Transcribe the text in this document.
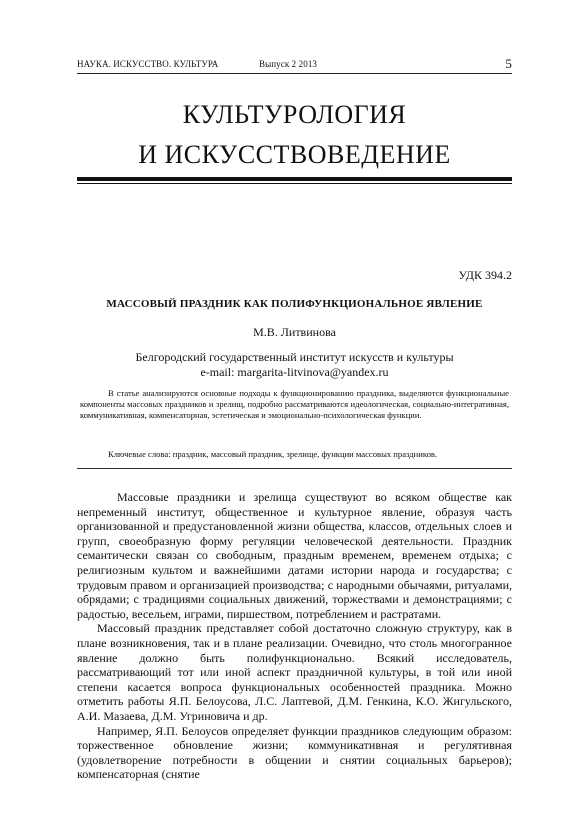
НАУКА. ИСКУССТВО. КУЛЬТУРА	Выпуск 2 2013	5
КУЛЬТУРОЛОГИЯ
И ИСКУССТВОВЕДЕНИЕ
УДК 394.2
МАССОВЫЙ ПРАЗДНИК КАК ПОЛИФУНКЦИОНАЛЬНОЕ ЯВЛЕНИЕ
М.В. Литвинова
Белгородский государственный институт искусств и культуры
e-mail: margarita-litvinova@yandex.ru

В статье анализируются основные подходы к функционированию праздника, выделяются функциональные компоненты массовых праздников и зрелищ, подробно рассматриваются идеологическая, социально-интегративная, коммуникативная, компенсаторная, эстетическая и эмоционально-психологическая функции.

Ключевые слова: праздник, массовый праздник, зрелище, функции массовых праздников.

Массовые праздники и зрелища существуют во всяком обществе как непременный институт, общественное и культурное явление, образуя часть организованной и предустановленной жизни общества, классов, отдельных слоев и групп, своеобразную форму регуляции человеческой деятельности. Праздник семантически связан со свободным, праздным временем, временем отдыха; с религиозным культом и важнейшими датами истории народа и государства; с трудовым правом и организацией производства; с народными обычаями, ритуалами, обрядами; с традициями социальных движений, торжествами и демонстрациями; с радостью, весельем, играми, пиршеством, потреблением и растратами.

Массовый праздник представляет собой достаточно сложную структуру, как в плане возникновения, так и в плане реализации. Очевидно, что столь многогранное явление должно быть полифункционально. Всякий исследователь, рассматривающий тот или иной аспект праздничной культуры, в той или иной степени касается вопроса функциональных особенностей праздника. Можно отметить работы Я.П. Белоусова, Л.С. Лаптевой, Д.М. Генкина, К.О. Жигульского, А.И. Мазаева, Д.М. Угриновича и др.

Например, Я.П. Белоусов определяет функции праздников следующим образом: торжественное обновление жизни; коммуникативная и регулятивная (удовлетворение потребности в общении и снятии социальных барьеров); компенсаторная (снятие
